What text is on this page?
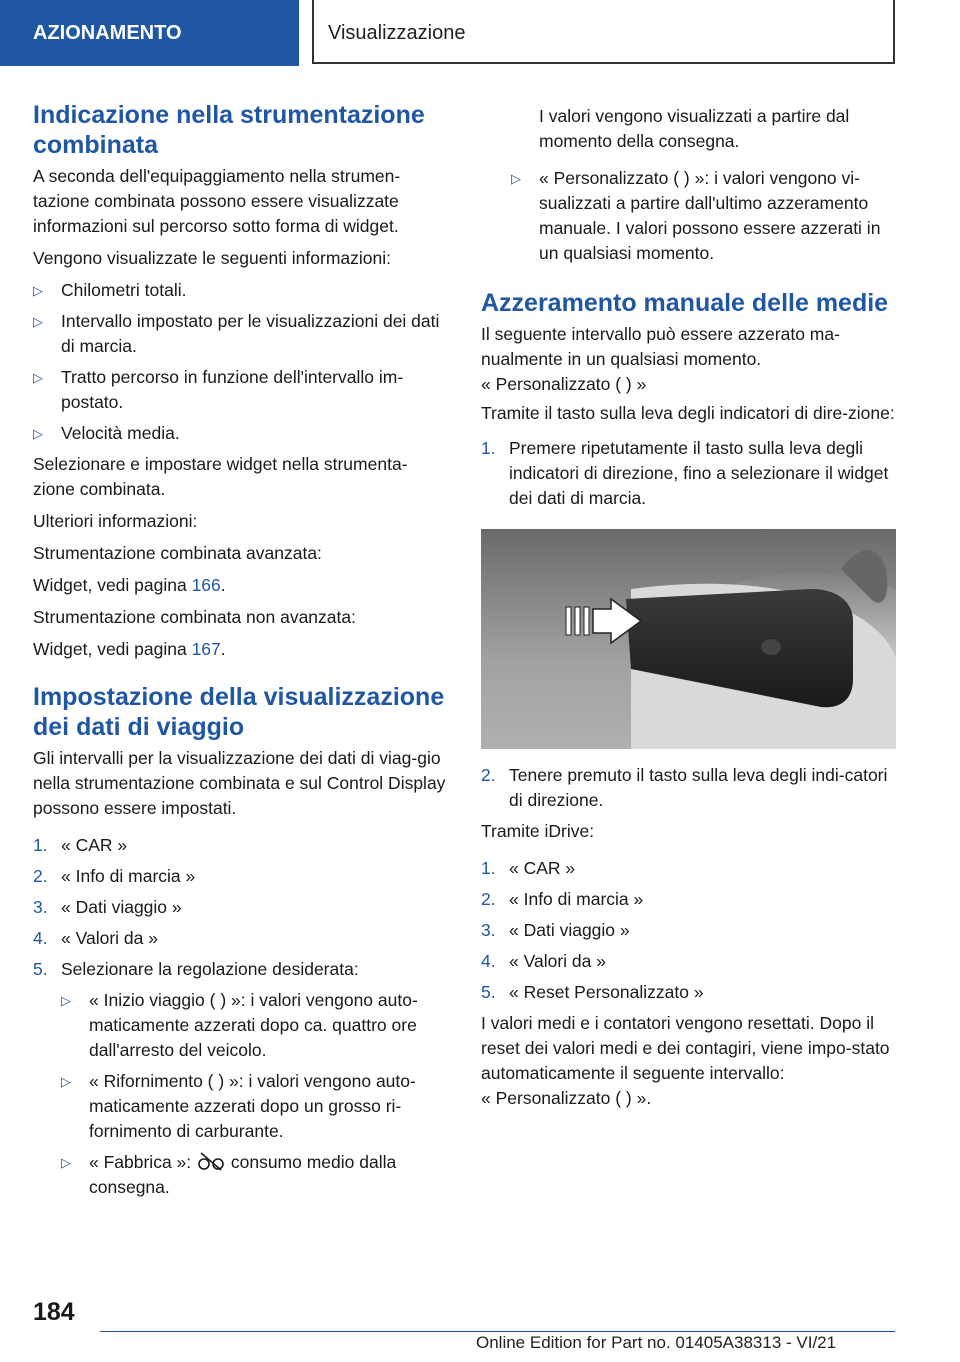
AZIONAMENTO	Visualizzazione
Indicazione nella strumentazione combinata

A seconda dell'equipaggiamento nella strumen-tazione combinata possono essere visualizzate informazioni sul percorso sotto forma di widget.

Vengono visualizzate le seguenti informazioni:

▷ Chilometri totali.
▷ Intervallo impostato per le visualizzazioni dei dati di marcia.
▷ Tratto percorso in funzione dell'intervallo im-postato.
▷ Velocità media.

Selezionare e impostare widget nella strumenta-zione combinata.

Ulteriori informazioni:

Strumentazione combinata avanzata:

Widget, vedi pagina 166.

Strumentazione combinata non avanzata:

Widget, vedi pagina 167.

Impostazione della visualizzazione dei dati di viaggio

Gli intervalli per la visualizzazione dei dati di viag-gio nella strumentazione combinata e sul Control Display possono essere impostati.

1. « CAR »
2. « Info di marcia »
3. « Dati viaggio »
4. « Valori da »
5. Selezionare la regolazione desiderata:
▷ « Inizio viaggio ( ) »: i valori vengono auto-maticamente azzerati dopo ca. quattro ore dall'arresto del veicolo.
▷ « Rifornimento ( ) »: i valori vengono auto-maticamente azzerati dopo un grosso ri-fornimento di carburante.
▷ « Fabbrica »:  consumo medio dalla consegna.

I valori vengono visualizzati a partire dal momento della consegna.

▷ « Personalizzato ( ) »: i valori vengono vi-sualizzati a partire dall'ultimo azzeramento manuale. I valori possono essere azzerati in un qualsiasi momento.
Azzeramento manuale delle medie

Il seguente intervallo può essere azzerato ma-nualmente in un qualsiasi momento.
« Personalizzato ( ) »

Tramite il tasto sulla leva degli indicatori di dire-zione:

1. Premere ripetutamente il tasto sulla leva degli indicatori di direzione, fino a selezionare il widget dei dati di marcia.
2. Tenere premuto il tasto sulla leva degli indi-catori di direzione.

Tramite iDrive:

1. « CAR »
2. « Info di marcia »
3. « Dati viaggio »
4. « Valori da »
5. « Reset Personalizzato »

I valori medi e i contatori vengono resettati. Dopo il reset dei valori medi e dei contagiri, viene impo-stato automaticamente il seguente intervallo:
« Personalizzato ( ) ».

184
Online Edition for Part no. 01405A38313 - VI/21
